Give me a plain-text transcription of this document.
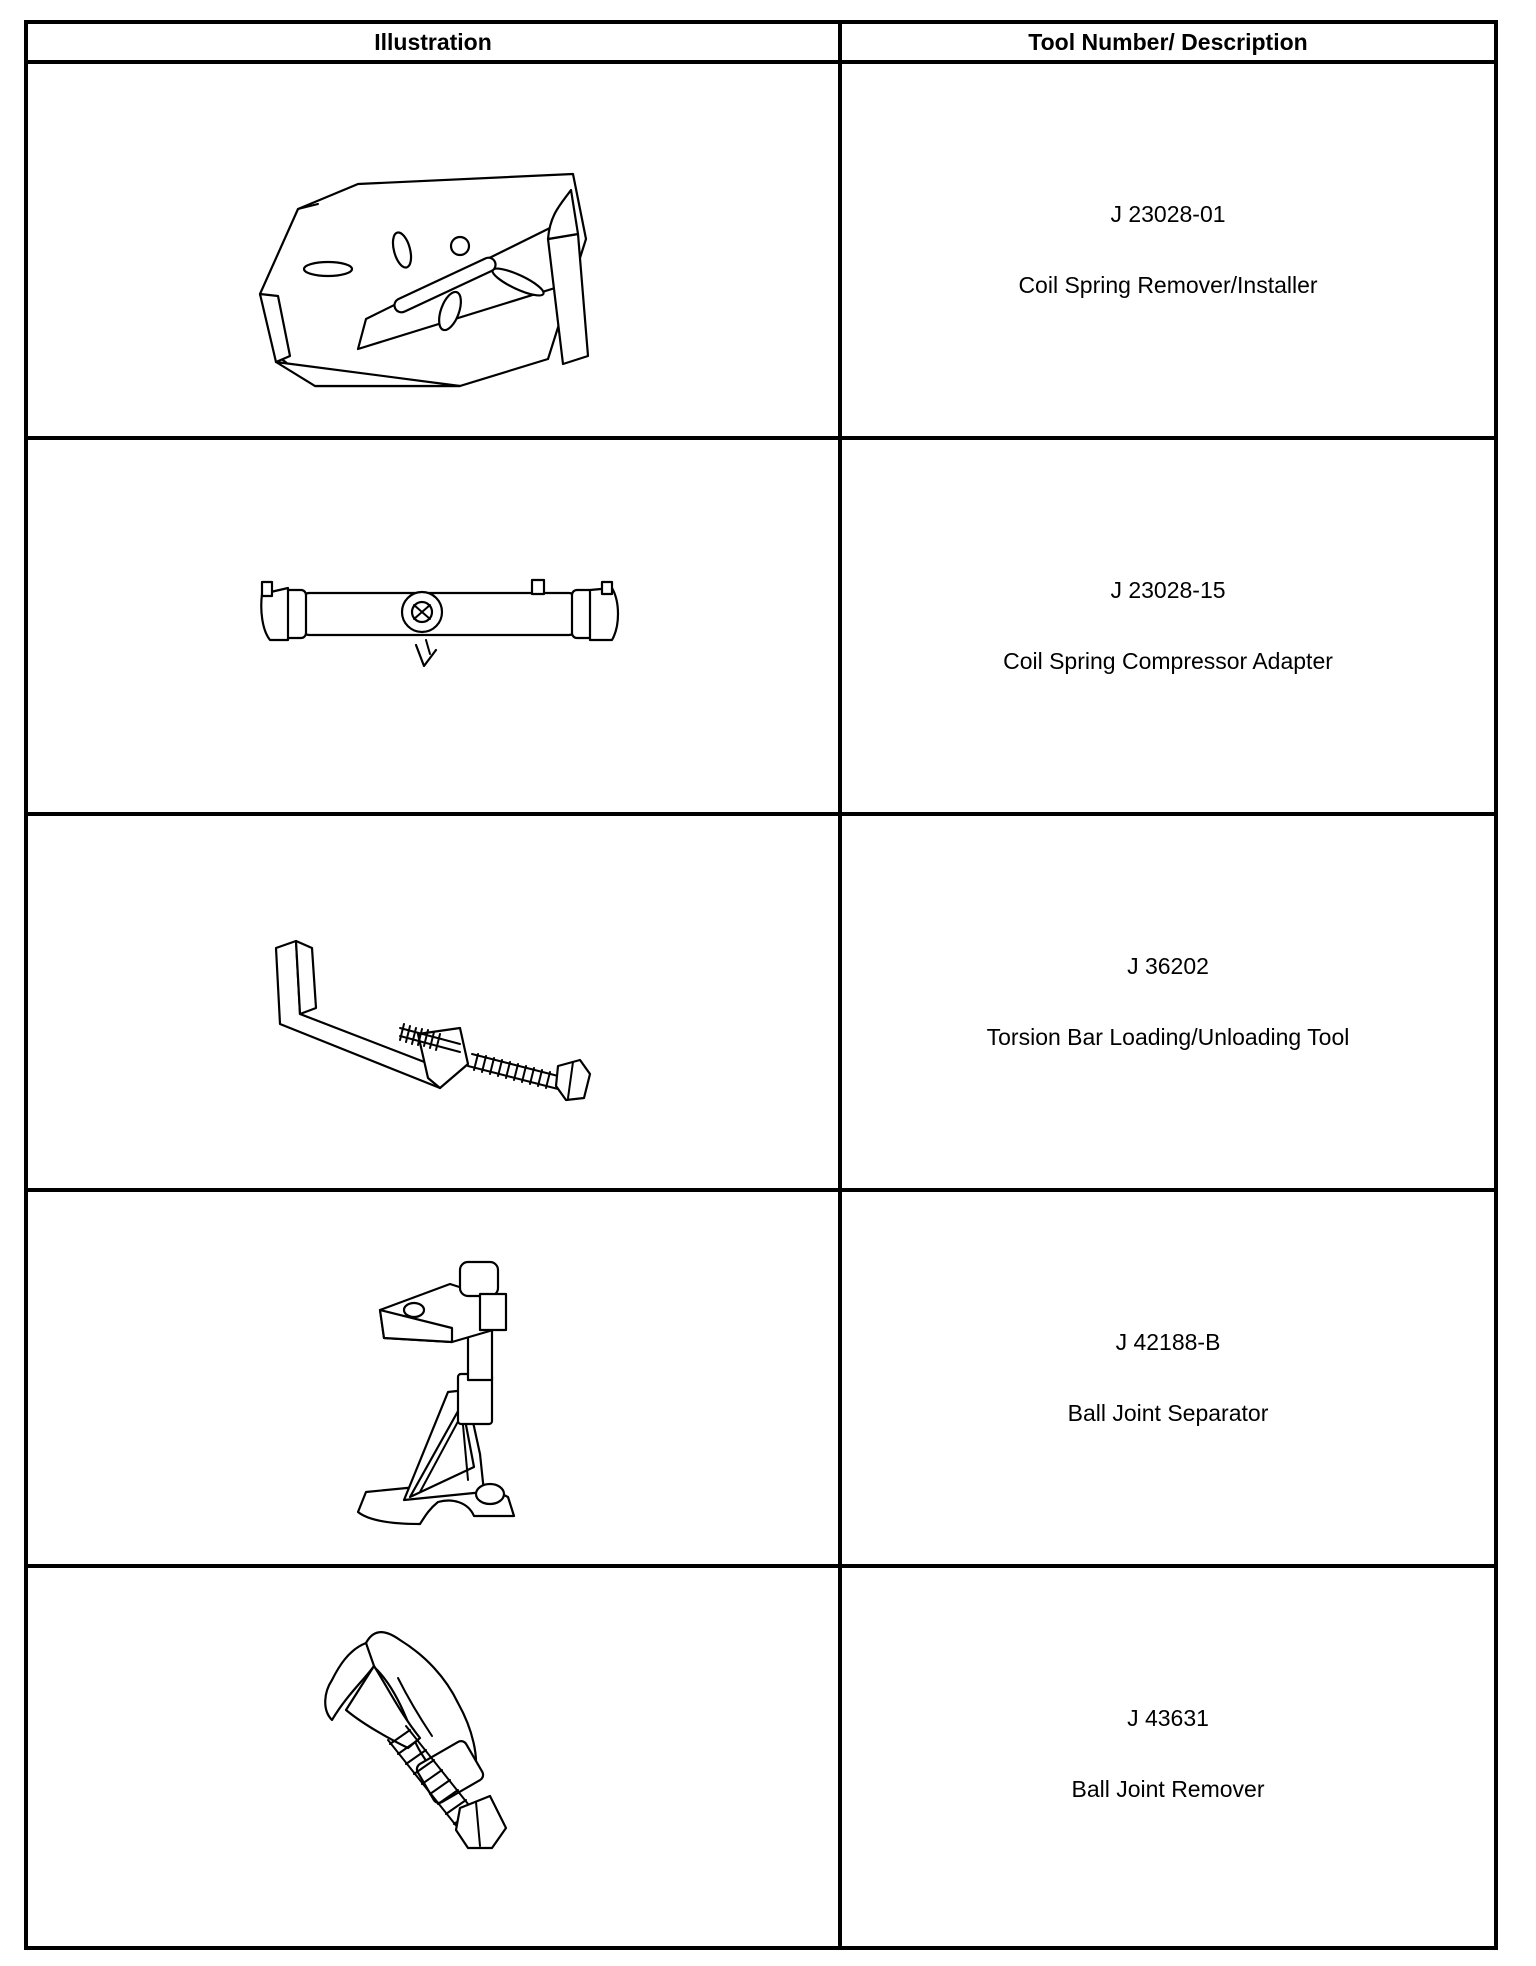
Illustration	Tool Number/ Description
J 23028-01
Coil Spring Remover/Installer
J 23028-15
Coil Spring Compressor Adapter
J 36202
Torsion Bar Loading/Unloading Tool
J 42188-B
Ball Joint Separator
J 43631
Ball Joint Remover
